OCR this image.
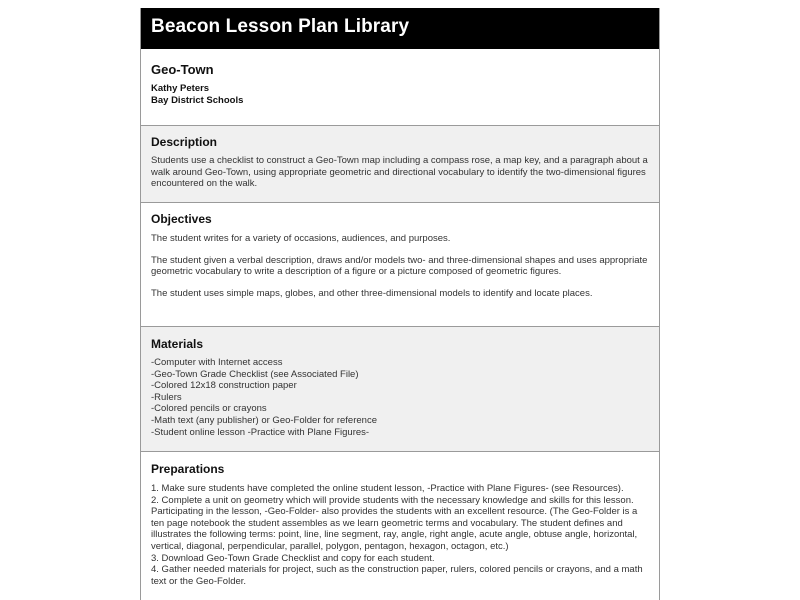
Beacon Lesson Plan Library
Geo-Town
Kathy Peters
Bay District Schools
Description
Students use a checklist to construct a Geo-Town map including a compass rose, a map key, and a paragraph about a walk around Geo-Town, using appropriate geometric and directional vocabulary to identify the two-dimensional figures encountered on the walk.
Objectives
The student writes for a variety of occasions, audiences, and purposes.
The student given a verbal description, draws and/or models two- and three-dimensional shapes and uses appropriate geometric vocabulary to write a description of a figure or a picture composed of geometric figures.
The student uses simple maps, globes, and other three-dimensional models to identify and locate places.
Materials
-Computer with Internet access
-Geo-Town Grade Checklist (see Associated File)
-Colored 12x18 construction paper
-Rulers
-Colored pencils or crayons
-Math text (any publisher) or Geo-Folder for reference
-Student online lesson -Practice with Plane Figures-
Preparations
1. Make sure students have completed the online student lesson, -Practice with Plane Figures- (see Resources).
2. Complete a unit on geometry which will provide students with the necessary knowledge and skills for this lesson. Participating in the lesson, -Geo-Folder- also provides the students with an excellent resource. (The Geo-Folder is a ten page notebook the student assembles as we learn geometric terms and vocabulary. The student defines and illustrates the following terms: point, line, line segment, ray, angle, right angle, acute angle, obtuse angle, horizontal, vertical, diagonal, perpendicular, parallel, polygon, pentagon, hexagon, octagon, etc.)
3. Download Geo-Town Grade Checklist and copy for each student.
4. Gather needed materials for project, such as the construction paper, rulers, colored pencils or crayons, and a math text or the Geo-Folder.
